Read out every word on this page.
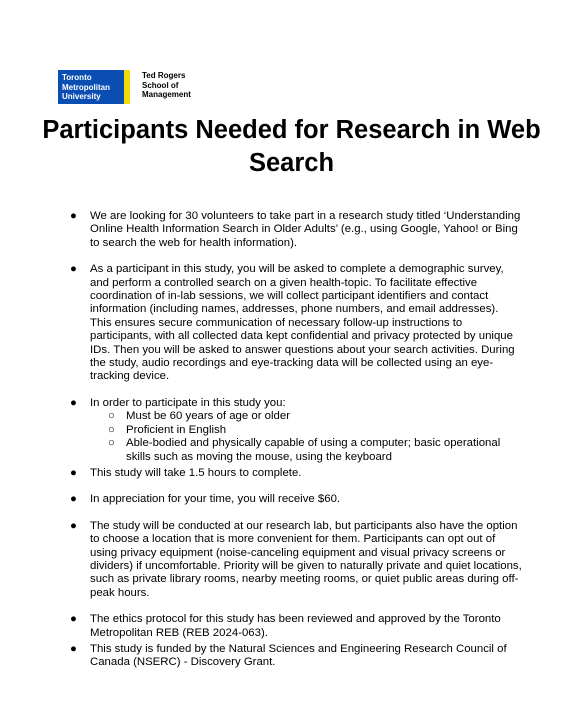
Toronto
Metropolitan
University
Ted Rogers
School of
Management
Participants Needed for Research in Web Search
● We are looking for 30 volunteers to take part in a research study titled ‘Understanding Online Health Information Search in Older Adults’ (e.g., using Google, Yahoo! or Bing to search the web for health information).
● As a participant in this study, you will be asked to complete a demographic survey, and perform a controlled search on a given health-topic. To facilitate effective coordination of in-lab sessions, we will collect participant identifiers and contact information (including names, addresses, phone numbers, and email addresses). This ensures secure communication of necessary follow-up instructions to participants, with all collected data kept confidential and privacy protected by unique IDs. Then you will be asked to answer questions about your search activities. During the study, audio recordings and eye-tracking data will be collected using an eye-tracking device.
● In order to participate in this study you:
○ Must be 60 years of age or older
○ Proficient in English
○ Able-bodied and physically capable of using a computer; basic operational skills such as moving the mouse, using the keyboard
● This study will take 1.5 hours to complete.
● In appreciation for your time, you will receive $60.
● The study will be conducted at our research lab, but participants also have the option to choose a location that is more convenient for them. Participants can opt out of using privacy equipment (noise-canceling equipment and visual privacy screens or dividers) if uncomfortable. Priority will be given to naturally private and quiet locations, such as private library rooms, nearby meeting rooms, or quiet public areas during off-peak hours.
● The ethics protocol for this study has been reviewed and approved by the Toronto Metropolitan REB (REB 2024-063).
● This study is funded by the Natural Sciences and Engineering Research Council of Canada (NSERC) - Discovery Grant.
